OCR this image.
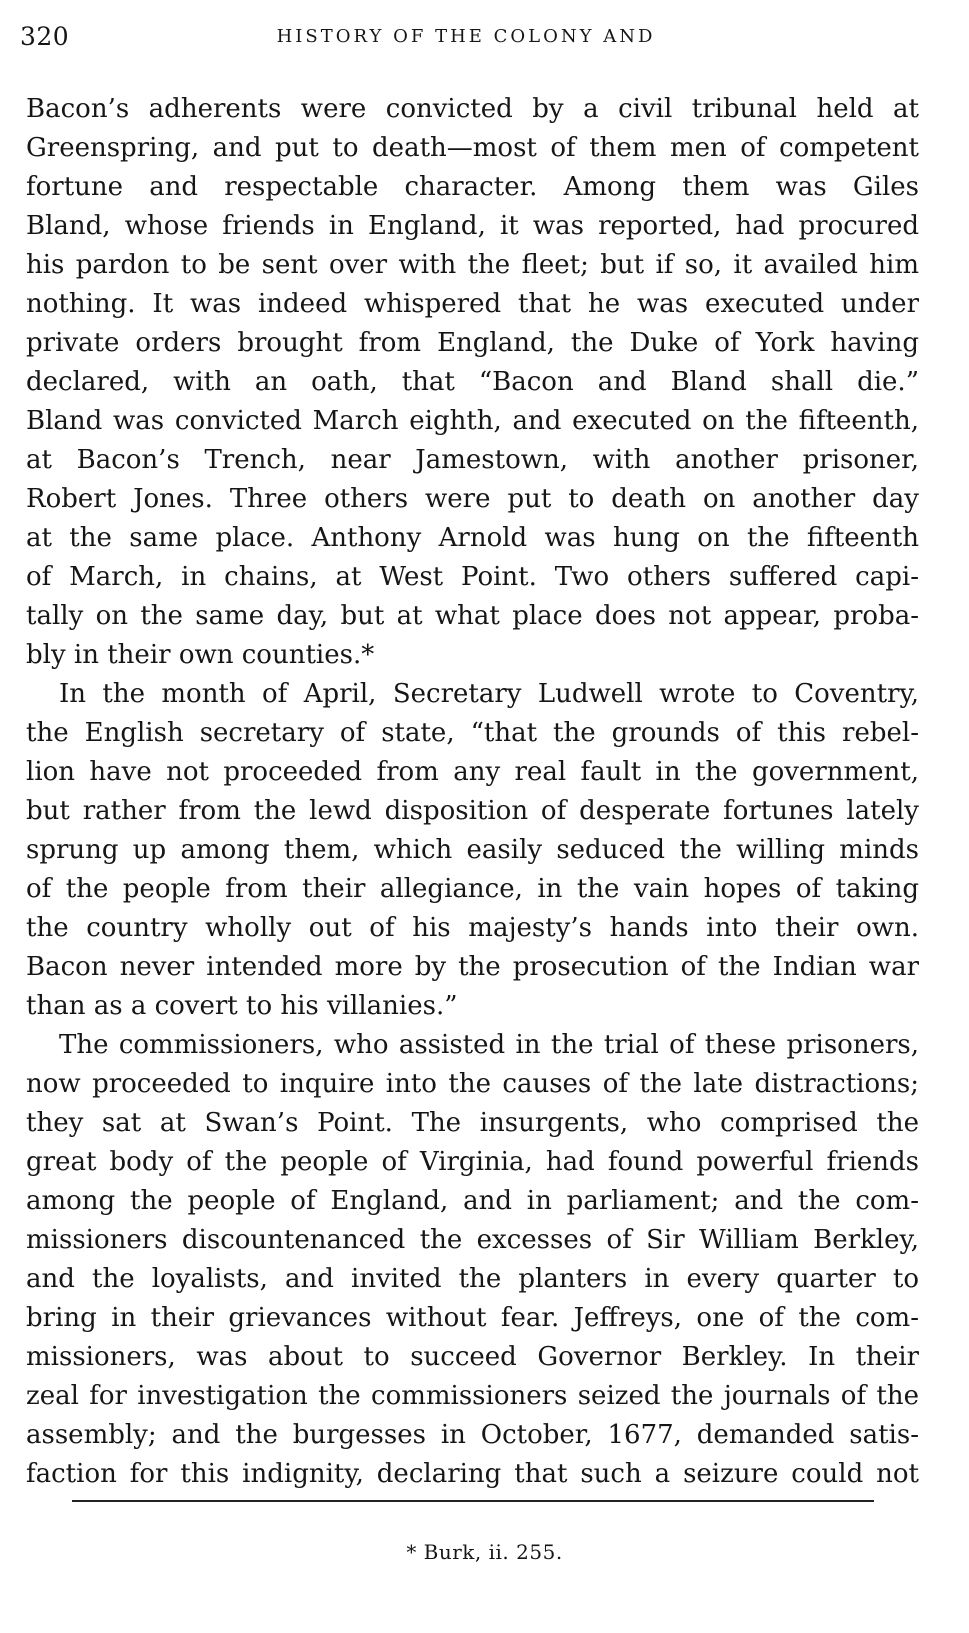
320	HISTORY OF THE COLONY AND
Bacon’s adherents were convicted by a civil tribunal held at
Greenspring, and put to death—most of them men of competent
fortune and respectable character. Among them was Giles
Bland, whose friends in England, it was reported, had procured
his pardon to be sent over with the fleet; but if so, it availed him
nothing. It was indeed whispered that he was executed under
private orders brought from England, the Duke of York having
declared, with an oath, that “Bacon and Bland shall die.”
Bland was convicted March eighth, and executed on the fifteenth,
at Bacon’s Trench, near Jamestown, with another prisoner,
Robert Jones. Three others were put to death on another day
at the same place. Anthony Arnold was hung on the fifteenth
of March, in chains, at West Point. Two others suffered capi-
tally on the same day, but at what place does not appear, proba-
bly in their own counties.*
In the month of April, Secretary Ludwell wrote to Coventry,
the English secretary of state, “that the grounds of this rebel-
lion have not proceeded from any real fault in the government,
but rather from the lewd disposition of desperate fortunes lately
sprung up among them, which easily seduced the willing minds
of the people from their allegiance, in the vain hopes of taking
the country wholly out of his majesty’s hands into their own.
Bacon never intended more by the prosecution of the Indian war
than as a covert to his villanies.”
The commissioners, who assisted in the trial of these prisoners,
now proceeded to inquire into the causes of the late distractions;
they sat at Swan’s Point. The insurgents, who comprised the
great body of the people of Virginia, had found powerful friends
among the people of England, and in parliament; and the com-
missioners discountenanced the excesses of Sir William Berkley,
and the loyalists, and invited the planters in every quarter to
bring in their grievances without fear. Jeffreys, one of the com-
missioners, was about to succeed Governor Berkley. In their
zeal for investigation the commissioners seized the journals of the
assembly; and the burgesses in October, 1677, demanded satis-
faction for this indignity, declaring that such a seizure could not
* Burk, ii. 255.
